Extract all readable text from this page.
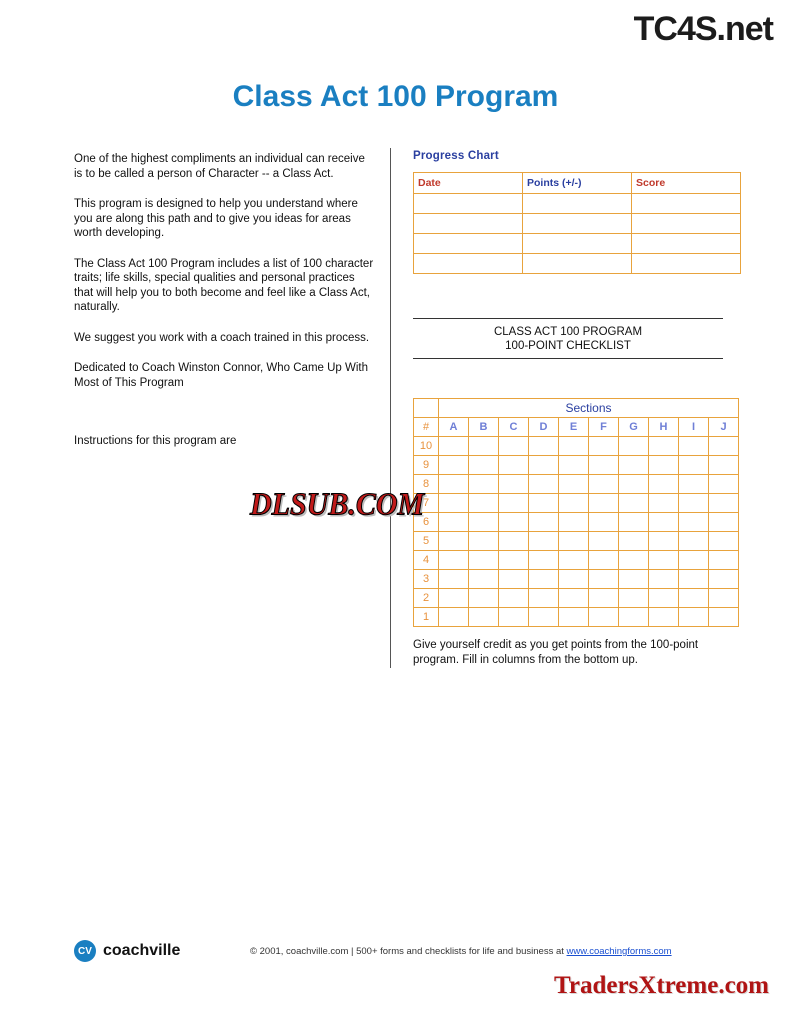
TC4S.net
Class Act 100 Program

One of the highest compliments an individual can receive is to be called a person of Character -- a Class Act.

This program is designed to help you understand where you are along this path and to give you ideas for areas worth developing.

The Class Act 100 Program includes a list of 100 character traits; life skills, special qualities and personal practices that will help you to both become and feel like a Class Act, naturally.

We suggest you work with a coach trained in this process.

Dedicated to Coach Winston Connor, Who Came Up With Most of This Program

Instructions for this program are

Progress Chart
Date	Points (+/-)	Score

CLASS ACT 100 PROGRAM
100-POINT CHECKLIST
	Sections									
#	A	B	C	D	E	F	G	H	I	J
10										
9										
8										
7										
6										
5										
4										
3										
2										
1										
Give yourself credit as you get points from the 100-point program. Fill in columns from the bottom up.
DLSUB.COM
CV coachville	© 2001, coachville.com | 500+ forms and checklists for life and business at www.coachingforms.com
TradersXtreme.com
